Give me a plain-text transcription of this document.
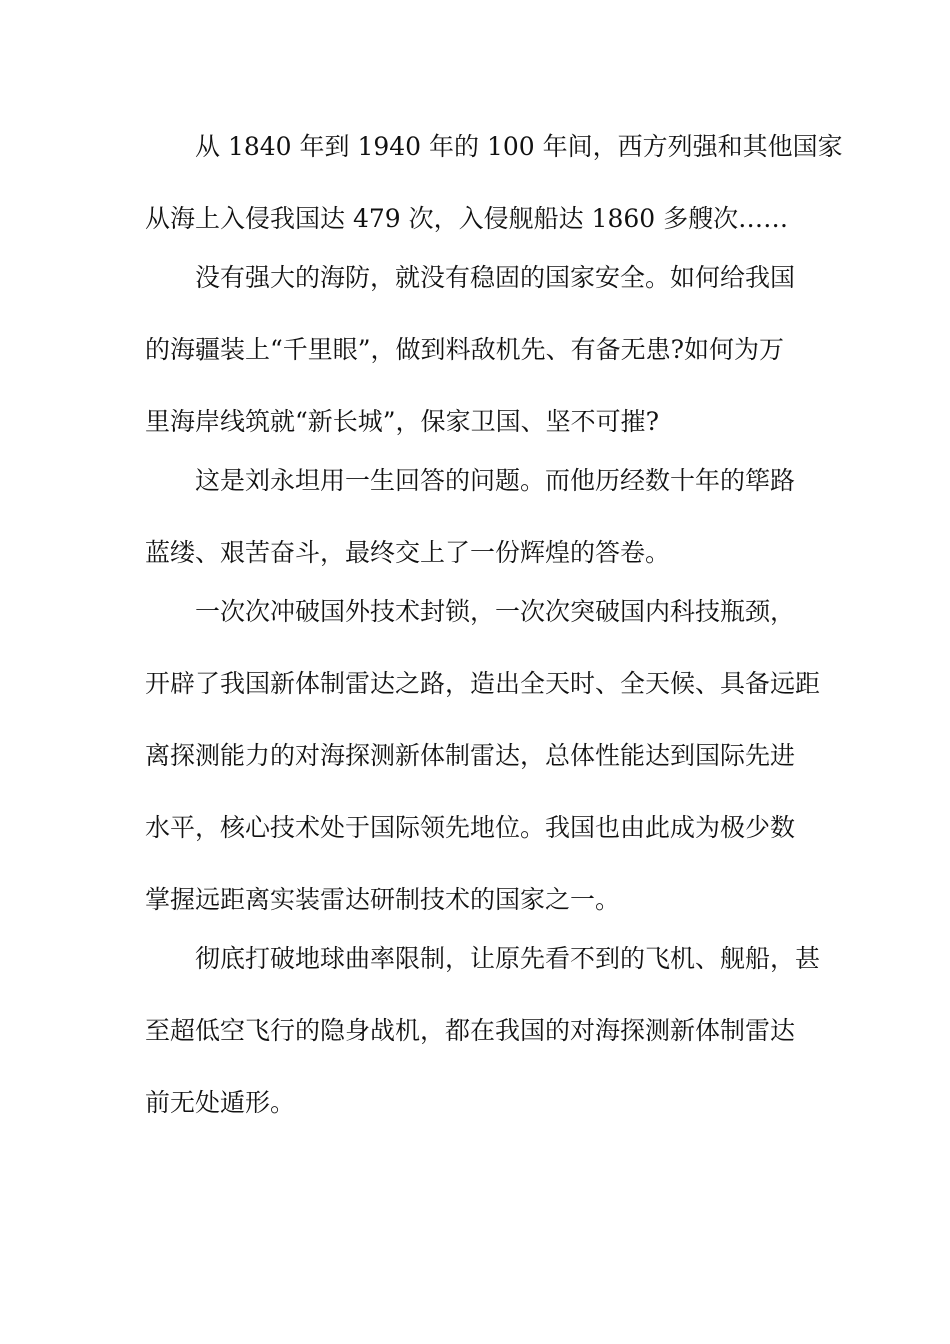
从 1840 年到 1940 年的 100 年间，西方列强和其他国家
从海上入侵我国达 479 次，入侵舰船达 1860 多艘次……
没有强大的海防，就没有稳固的国家安全。如何给我国
的海疆装上“千里眼”，做到料敌机先、有备无患?如何为万
里海岸线筑就“新长城”，保家卫国、坚不可摧?
这是刘永坦用一生回答的问题。而他历经数十年的筚路
蓝缕、艰苦奋斗，最终交上了一份辉煌的答卷。
一次次冲破国外技术封锁，一次次突破国内科技瓶颈，
开辟了我国新体制雷达之路，造出全天时、全天候、具备远距
离探测能力的对海探测新体制雷达，总体性能达到国际先进
水平，核心技术处于国际领先地位。我国也由此成为极少数
掌握远距离实装雷达研制技术的国家之一。
彻底打破地球曲率限制，让原先看不到的飞机、舰船，甚
至超低空飞行的隐身战机，都在我国的对海探测新体制雷达
前无处遁形。
